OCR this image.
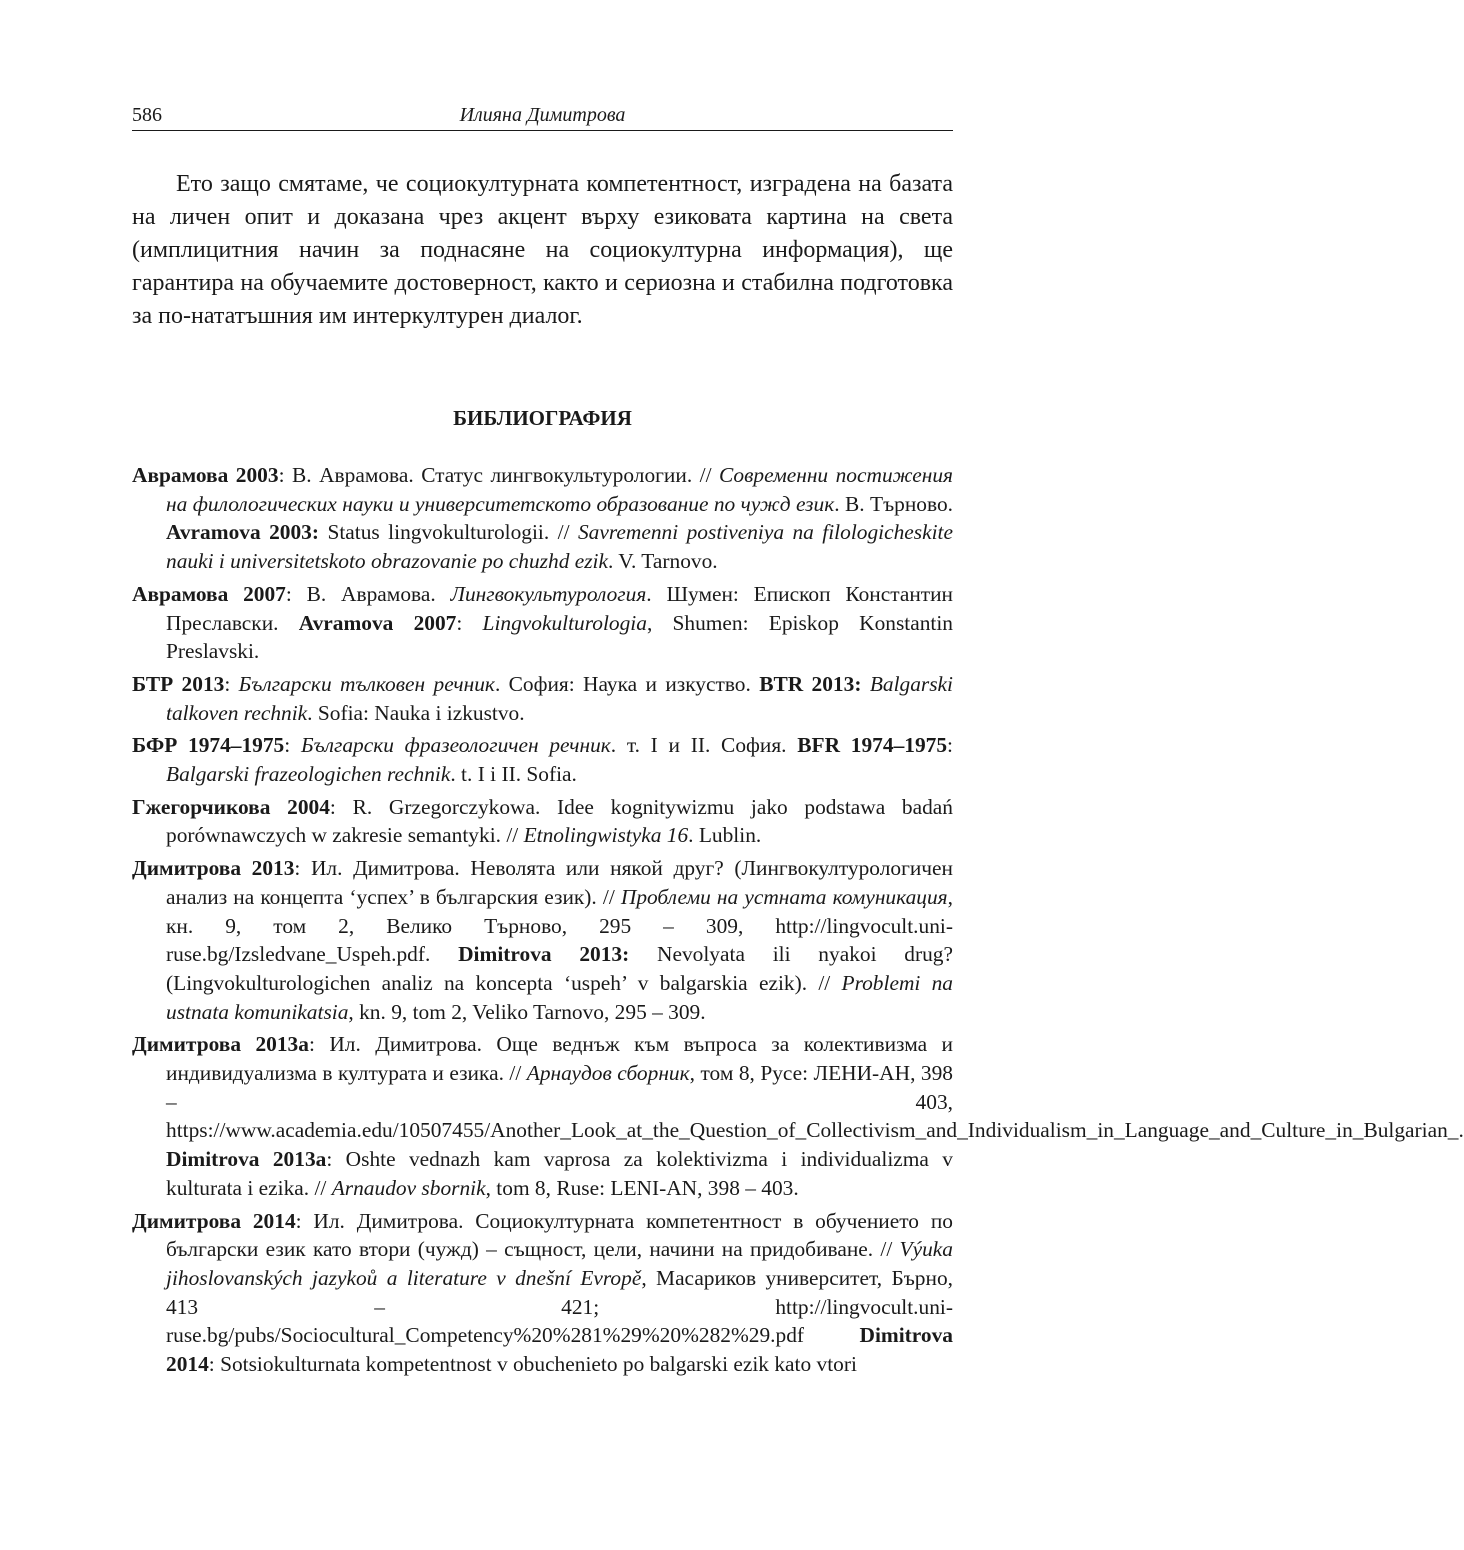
586	Илияна Димитрова

Ето защо смятаме, че социокултурната компетентност, изградена на базата на личен опит и доказана чрез акцент върху езиковата картина на света (имплицитния начин за поднасяне на социокултурна информация), ще гарантира на обучаемите достоверност, както и сериозна и стабилна подготовка за по-нататъшния им интеркултурен диалог.

БИБЛИОГРАФИЯ
Аврамова 2003: В. Аврамова. Статус лингвокультурологии. // Современни постижения на филологических науки и университетското образование по чужд език. В. Търново. Avramova 2003: Status lingvokulturologii. // Savremenni postiveniya na filologicheskite nauki i universitetskoto obrazovanie po chuzhd ezik. V. Tarnovo.
Аврамова 2007: В. Аврамова. Лингвокультурология. Шумен: Епископ Константин Преславски. Avramova 2007: Lingvokulturologia, Shumen: Episkop Konstantin Preslavski.
БТР 2013: Български тълковен речник. София: Наука и изкуство. BTR 2013: Balgarski talkoven rechnik. Sofia: Nauka i izkustvo.
БФР 1974–1975: Български фразеологичен речник. т. I и II. София. BFR 1974–1975: Balgarski frazeologichen rechnik. t. I i II. Sofia.
Гжегорчикова 2004: R. Grzegorczykowa. Idee kognitywizmu jako podstawa badań porównawczych w zakresie semantyki. // Etnolingwistyka 16. Lublin.
Димитрова 2013: Ил. Димитрова. Неволята или някой друг? (Лингвокултурологичен анализ на концепта ‘успех’ в българския език). // Проблеми на устната комуникация, кн. 9, том 2, Велико Търново, 295 – 309, http://lingvocult.uni-ruse.bg/Izsledvane_Uspeh.pdf. Dimitrova 2013: Nevolyata ili nyakoi drug? (Lingvokulturologichen analiz na koncepta ‘uspeh’ v balgarskia ezik). // Problemi na ustnata komunikatsia, kn. 9, tom 2, Veliko Tarnovo, 295 – 309.
Димитрова 2013а: Ил. Димитрова. Още веднъж към въпроса за колективизма и индивидуализма в културата и езика. // Арнаудов сборник, том 8, Русе: ЛЕНИ-АН, 398 – 403, https://www.academia.edu/10507455/Another_Look_at_the_Question_of_Collectivism_and_Individualism_in_Language_and_Culture_in_Bulgarian_. Dimitrova 2013a: Oshte vednazh kam vaprosa za kolektivizma i individualizma v kulturata i ezika. // Arnaudov sbornik, tom 8, Ruse: LENI-AN, 398 – 403.
Димитрова 2014: Ил. Димитрова. Социокултурната компетентност в обучението по български език като втори (чужд) – същност, цели, начини на придобиване. // Výuka jihoslovanských jazykoů a literature v dnešní Evropě, Масариков университет, Бърно, 413 – 421; http://lingvocult.uni-ruse.bg/pubs/Sociocultural_Competency%20%281%29%20%282%29.pdf Dimitrova 2014: Sotsiokulturnata kompetentnost v obuchenieto po balgarski ezik kato vtori
